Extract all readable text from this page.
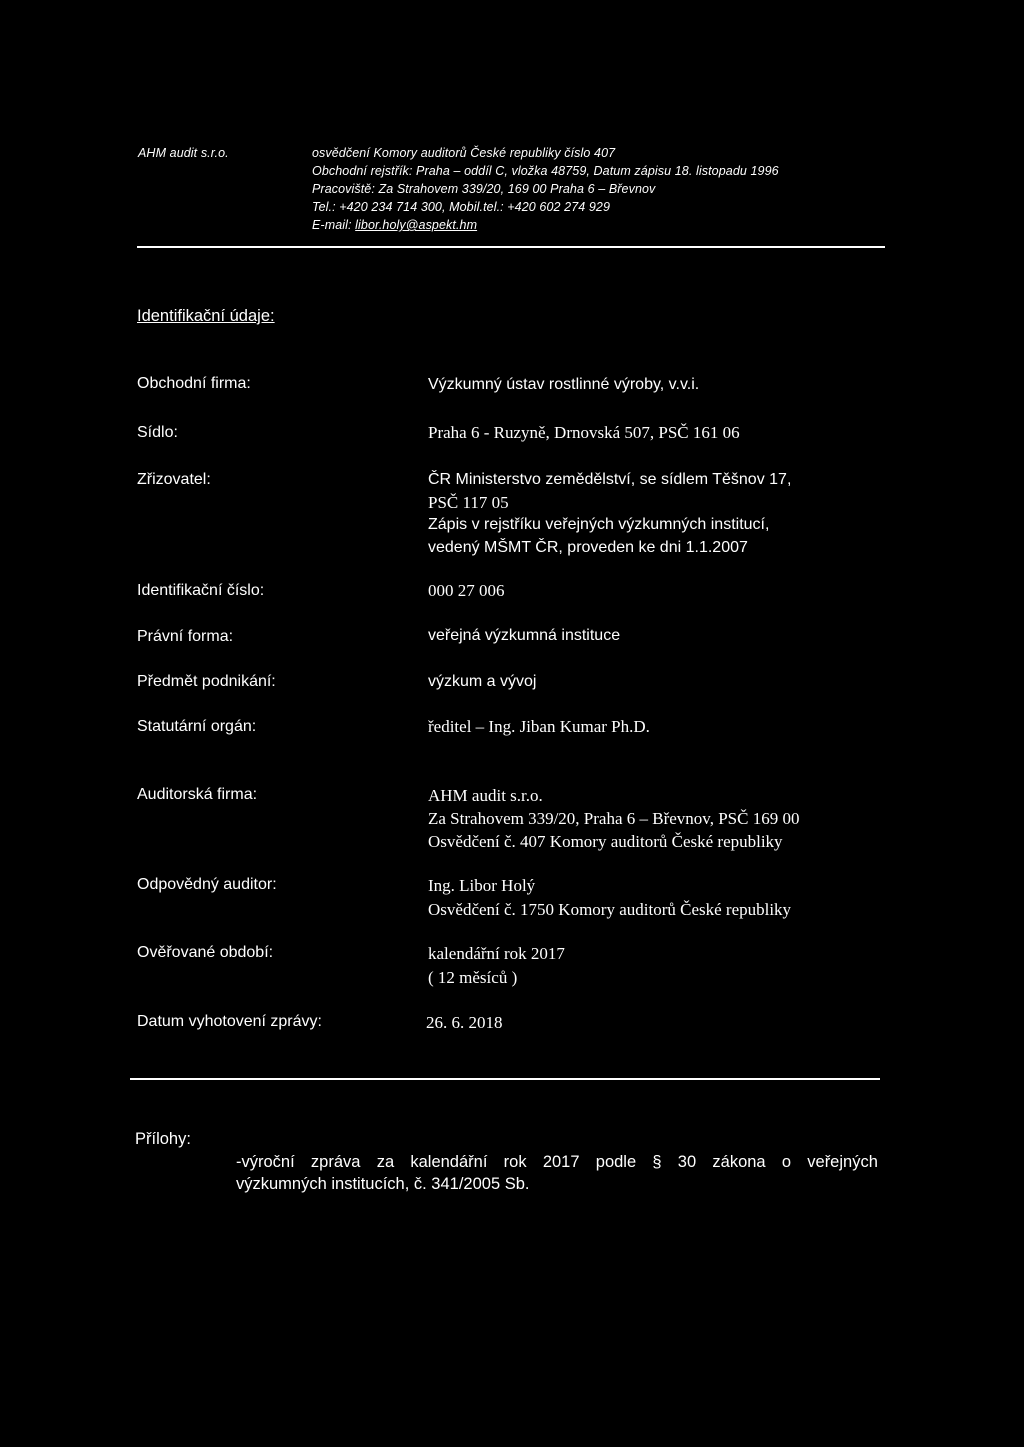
AHM audit s.r.o.	osvědčení Komory auditorů České republiky číslo 407
Obchodní rejstřík: Praha – oddíl C, vložka 48759, Datum zápisu 18. listopadu 1996
Pracoviště: Za Strahovem 339/20, 169 00 Praha 6 – Břevnov
Tel.: +420 234 714 300, Mobil.tel.: +420 602 274 929
E-mail: libor.holy@aspekt.hm
Identifikační údaje:
Obchodní firma:	Výzkumný ústav rostlinné výroby, v.v.i.
Sídlo:	Praha 6 - Ruzyně, Drnovská 507, PSČ 161 06
Zřizovatel:	ČR Ministerstvo zemědělství, se sídlem Těšnov 17,
PSČ 117 05
Zápis v rejstříku veřejných výzkumných institucí,
vedený MŠMT ČR, proveden ke dni 1.1.2007
Identifikační číslo:	000 27 006
Právní forma:	veřejná výzkumná instituce
Předmět podnikání:	výzkum a vývoj
Statutární orgán:	ředitel – Ing. Jiban Kumar Ph.D.
Auditorská firma:	AHM audit s.r.o.
Za Strahovem 339/20, Praha 6 – Břevnov, PSČ 169 00
Osvědčení č. 407 Komory auditorů České republiky
Odpovědný auditor:	Ing. Libor Holý
Osvědčení č. 1750 Komory auditorů České republiky
Ověřované období:	kalendářní rok 2017
( 12 měsíců )
Datum vyhotovení zprávy:	26. 6. 2018
Přílohy:
-výroční zpráva za kalendářní rok 2017 podle § 30 zákona o veřejných
výzkumných institucích, č. 341/2005 Sb.
